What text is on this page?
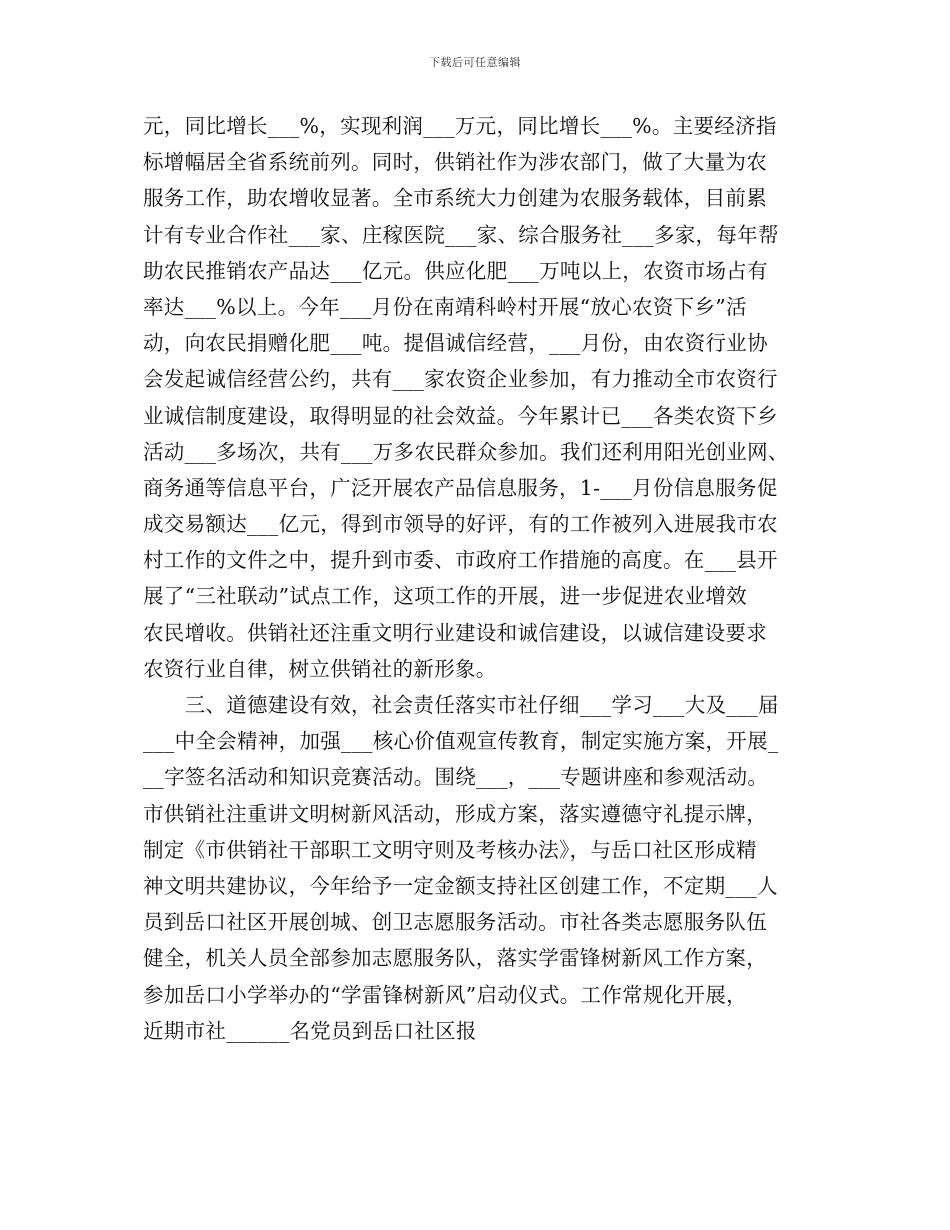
下载后可任意编辑
元，同比增长___%，实现利润___万元，同比增长___%。主要经济指
标增幅居全省系统前列。同时，供销社作为涉农部门，做了大量为农
服务工作，助农增收显著。全市系统大力创建为农服务载体，目前累
计有专业合作社___家、庄稼医院___家、综合服务社___多家，每年帮
助农民推销农产品达___亿元。供应化肥___万吨以上，农资市场占有
率达___%以上。今年___月份在南靖科岭村开展“放心农资下乡”活
动，向农民捐赠化肥___吨。提倡诚信经营，___月份，由农资行业协
会发起诚信经营公约，共有___家农资企业参加，有力推动全市农资行
业诚信制度建设，取得明显的社会效益。今年累计已___各类农资下乡
活动___多场次，共有___万多农民群众参加。我们还利用阳光创业网、
商务通等信息平台，广泛开展农产品信息服务，1-___月份信息服务促
成交易额达___亿元，得到市领导的好评，有的工作被列入进展我市农
村工作的文件之中，提升到市委、市政府工作措施的高度。在___县开
展了“三社联动”试点工作，这项工作的开展，进一步促进农业增效
农民增收。供销社还注重文明行业建设和诚信建设，以诚信建设要求
农资行业自律，树立供销社的新形象。
　　三、道德建设有效，社会责任落实市社仔细___学习___大及___届
___中全会精神，加强___核心价值观宣传教育，制定实施方案，开展_
__字签名活动和知识竞赛活动。围绕___，___专题讲座和参观活动。
市供销社注重讲文明树新风活动，形成方案，落实遵德守礼提示牌，
制定《市供销社干部职工文明守则及考核办法》，与岳口社区形成精
神文明共建协议，今年给予一定金额支持社区创建工作，不定期___人
员到岳口社区开展创城、创卫志愿服务活动。市社各类志愿服务队伍
健全，机关人员全部参加志愿服务队，落实学雷锋树新风工作方案，
参加岳口小学举办的“学雷锋树新风”启动仪式。工作常规化开展，
近期市社______名党员到岳口社区报
